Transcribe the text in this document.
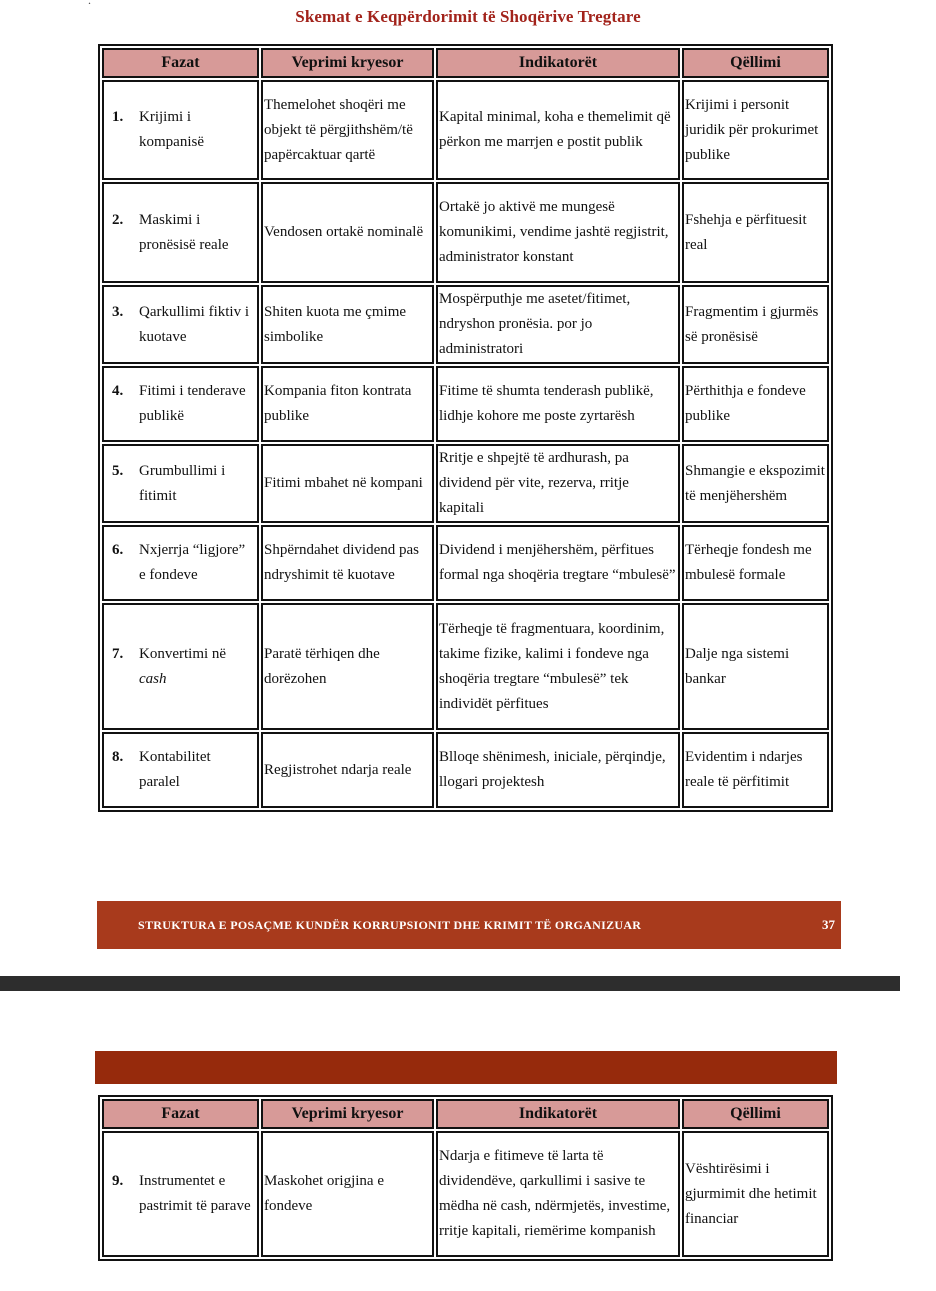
.
Skemat e Keqpërdorimit të Shoqërive Tregtare
Fazat	Veprimi kryesor	Indikatorët	Qëllimi

1. Krijimi i kompanisë	Themelohet shoqëri me objekt të përgjithshëm/të papërcaktuar qartë	Kapital minimal, koha e themelimit që përkon me marrjen e postit publik	Krijimi i personit juridik për prokurimet publike

2. Maskimi i pronësisë reale	Vendosen ortakë nominalë	Ortakë jo aktivë me mungesë komunikimi, vendime jashtë regjistrit, administrator konstant	Fshehja e përfituesit real

3. Qarkullimi fiktiv i kuotave	Shiten kuota me çmime simbolike	Mospërputhje me asetet/fitimet, ndryshon pronësia. por jo administratori	Fragmentim i gjurmës së pronësisë

4. Fitimi i tenderave publikë	Kompania fiton kontrata publike	Fitime të shumta tenderash publikë, lidhje kohore me poste zyrtarësh	Përthithja e fondeve publike

5. Grumbullimi i fitimit	Fitimi mbahet në kompani	Rritje e shpejtë të ardhurash, pa dividend për vite, rezerva, rritje kapitali	Shmangie e ekspozimit të menjëhershëm

6. Nxjerrja “ligjore” e fondeve	Shpërndahet dividend pas ndryshimit të kuotave	Dividend i menjëhershëm, përfitues formal nga shoqëria tregtare “mbulesë”	Tërheqje fondesh me mbulesë formale

7. Konvertimi në cash	Paratë tërhiqen dhe dorëzohen	Tërheqje të fragmentuara, koordinim, takime fizike, kalimi i fondeve nga shoqëria tregtare “mbulesë” tek individët përfitues	Dalje nga sistemi bankar

8. Kontabilitet paralel	Regjistrohet ndarja reale	Blloqe shënimesh, iniciale, përqindje, llogari projektesh	Evidentim i ndarjes reale të përfitimit
STRUKTURA E POSAÇME KUNDËR KORRUPSIONIT DHE KRIMIT TË ORGANIZUAR	37
Fazat	Veprimi kryesor	Indikatorët	Qëllimi

9. Instrumentet e pastrimit të parave	Maskohet origjina e fondeve	Ndarja e fitimeve të larta të dividendëve, qarkullimi i sasive te mëdha në cash, ndërmjetës, investime, rritje kapitali, riemërime kompanish	Vështirësimi i gjurmimit dhe hetimit financiar
